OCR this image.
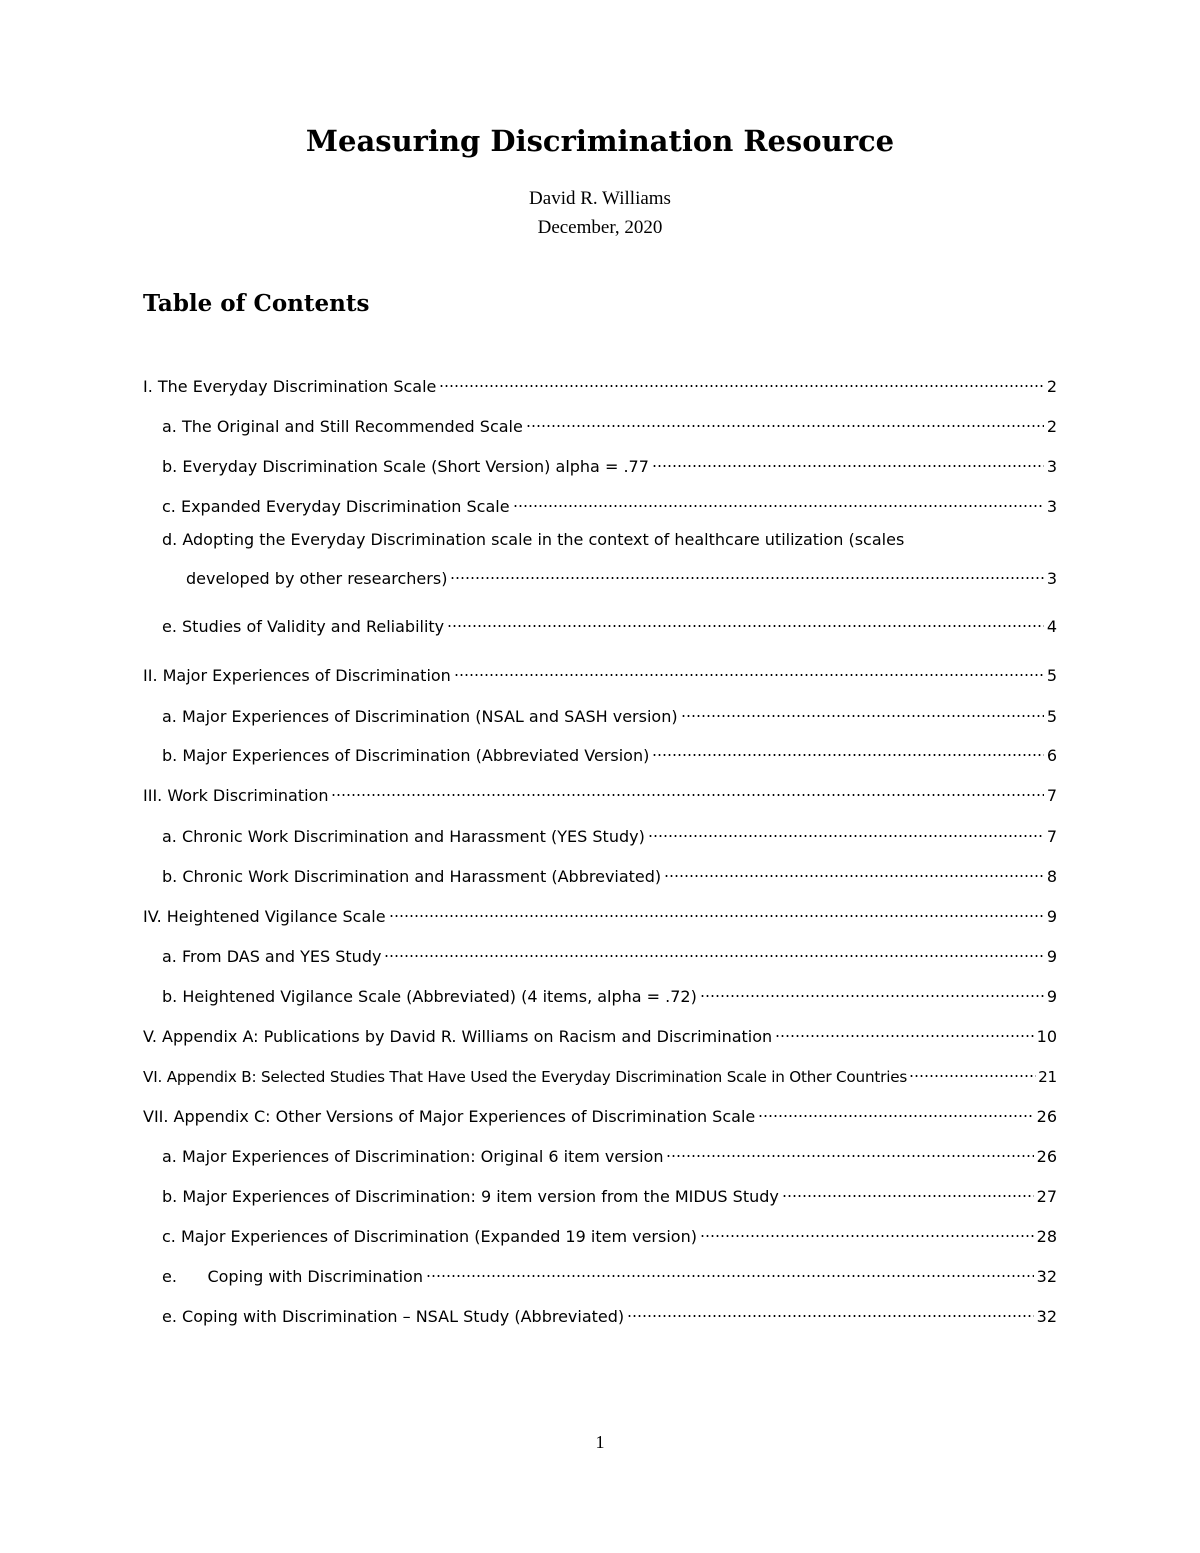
Measuring Discrimination Resource
David R. Williams
December, 2020
Table of Contents
I. The Everyday Discrimination Scale	2
a. The Original and Still Recommended Scale	2
b. Everyday Discrimination Scale (Short Version) alpha = .77	3
c. Expanded Everyday Discrimination Scale	3
d. Adopting the Everyday Discrimination scale in the context of healthcare utilization (scales
developed by other researchers)	3
e. Studies of Validity and Reliability	4
II. Major Experiences of Discrimination	5
a. Major Experiences of Discrimination (NSAL and SASH version)	5
b. Major Experiences of Discrimination (Abbreviated Version)	6
III. Work Discrimination	7
a. Chronic Work Discrimination and Harassment (YES Study)	7
b. Chronic Work Discrimination and Harassment (Abbreviated)	8
IV. Heightened Vigilance Scale	9
a. From DAS and YES Study	9
b. Heightened Vigilance Scale (Abbreviated) (4 items, alpha = .72)	9
V. Appendix A: Publications by David R. Williams on Racism and Discrimination	10
VI. Appendix B: Selected Studies That Have Used the Everyday Discrimination Scale in Other Countries	21
VII. Appendix C: Other Versions of Major Experiences of Discrimination Scale	26
a. Major Experiences of Discrimination: Original 6 item version	26
b. Major Experiences of Discrimination: 9 item version from the MIDUS Study	27
c. Major Experiences of Discrimination (Expanded 19 item version)	28
e.      Coping with Discrimination	32
e. Coping with Discrimination – NSAL Study (Abbreviated)	32
1
